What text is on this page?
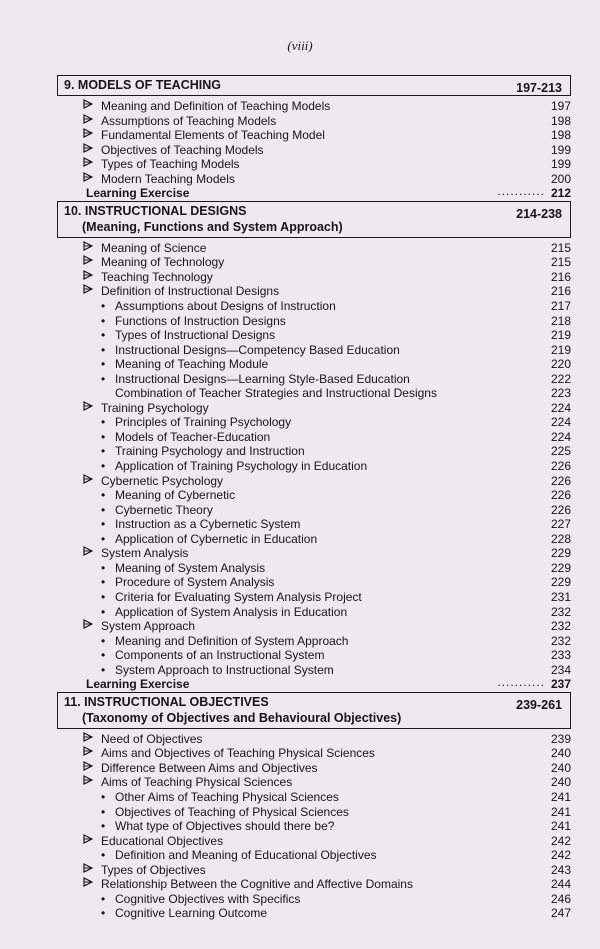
(viii)
9. MODELS OF TEACHING	197-213
Meaning and Definition of Teaching Models	197
Assumptions of Teaching Models	198
Fundamental Elements of Teaching Model	198
Objectives of Teaching Models	199
Types of Teaching Models	199
Modern Teaching Models	200
Learning Exercise	........... 212
10. INSTRUCTIONAL DESIGNS	214-238
(Meaning, Functions and System Approach)
Meaning of Science	215
Meaning of Technology	215
Teaching Technology	216
Definition of Instructional Designs	216
• Assumptions about Designs of Instruction	217
• Functions of Instruction Designs	218
• Types of Instructional Designs	219
• Instructional Designs—Competency Based Education	219
• Meaning of Teaching Module	220
• Instructional Designs—Learning Style-Based Education	222
Combination of Teacher Strategies and Instructional Designs	223
Training Psychology	224
• Principles of Training Psychology	224
• Models of Teacher-Education	224
• Training Psychology and Instruction	225
• Application of Training Psychology in Education	226
Cybernetic Psychology	226
• Meaning of Cybernetic	226
• Cybernetic Theory	226
• Instruction as a Cybernetic System	227
• Application of Cybernetic in Education	228
System Analysis	229
• Meaning of System Analysis	229
• Procedure of System Analysis	229
• Criteria for Evaluating System Analysis Project	231
• Application of System Analysis in Education	232
System Approach	232
• Meaning and Definition of System Approach	232
• Components of an Instructional System	233
• System Approach to Instructional System	234
Learning Exercise	........... 237
11. INSTRUCTIONAL OBJECTIVES	239-261
(Taxonomy of Objectives and Behavioural Objectives)
Need of Objectives	239
Aims and Objectives of Teaching Physical Sciences	240
Difference Between Aims and Objectives	240
Aims of Teaching Physical Sciences	240
• Other Aims of Teaching Physical Sciences	241
• Objectives of Teaching of Physical Sciences	241
• What type of Objectives should there be?	241
Educational Objectives	242
• Definition and Meaning of Educational Objectives	242
Types of Objectives	243
Relationship Between the Cognitive and Affective Domains	244
• Cognitive Objectives with Specifics	246
• Cognitive Learning Outcome	247
